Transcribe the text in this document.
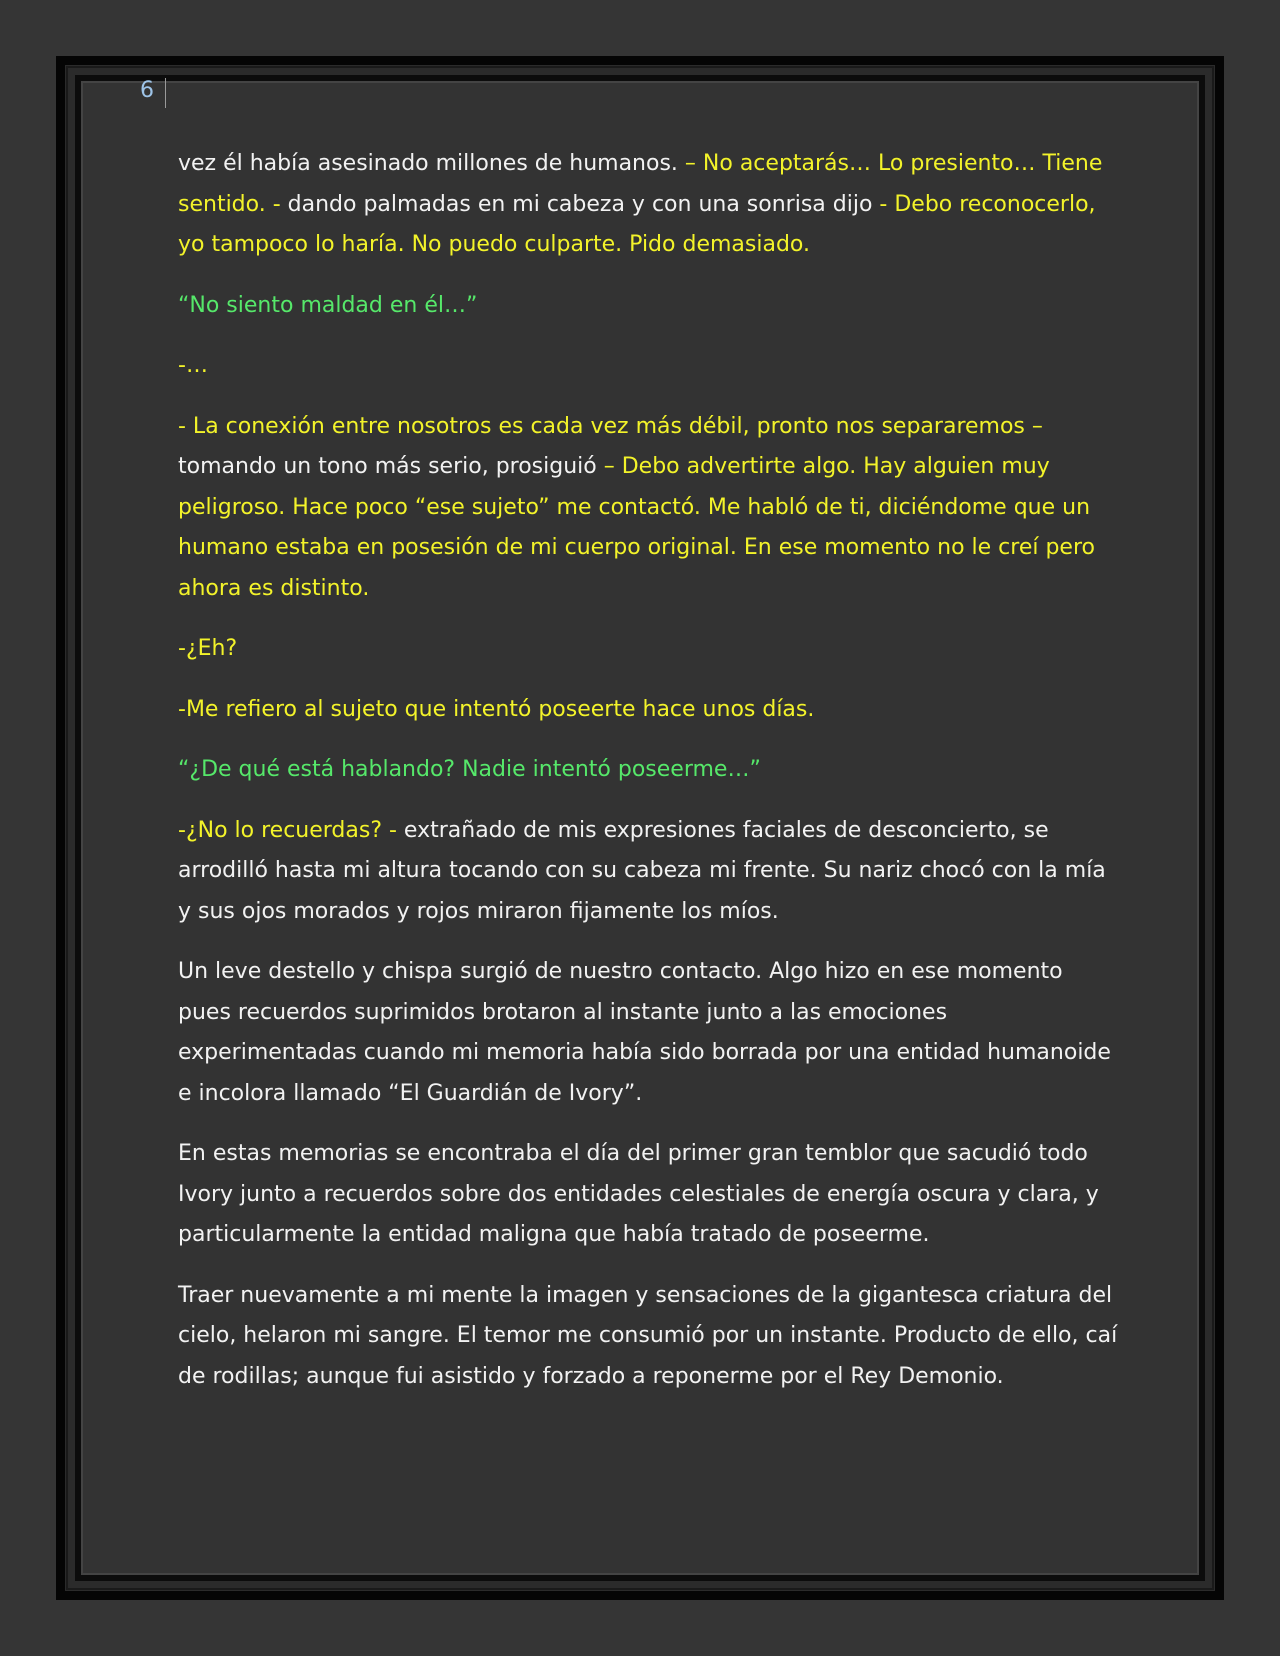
6

vez él había asesinado millones de humanos. – No aceptarás… Lo presiento… Tiene sentido. - dando palmadas en mi cabeza y con una sonrisa dijo - Debo reconocerlo, yo tampoco lo haría. No puedo culparte. Pido demasiado.

“No siento maldad en él…”

-…

- La conexión entre nosotros es cada vez más débil, pronto nos separaremos – tomando un tono más serio, prosiguió – Debo advertirte algo. Hay alguien muy peligroso. Hace poco “ese sujeto” me contactó. Me habló de ti, diciéndome que un humano estaba en posesión de mi cuerpo original. En ese momento no le creí pero ahora es distinto.

-¿Eh?

-Me refiero al sujeto que intentó poseerte hace unos días.

“¿De qué está hablando? Nadie intentó poseerme…”

-¿No lo recuerdas? - extrañado de mis expresiones faciales de desconcierto, se arrodilló hasta mi altura tocando con su cabeza mi frente. Su nariz chocó con la mía y sus ojos morados y rojos miraron fijamente los míos.

Un leve destello y chispa surgió de nuestro contacto. Algo hizo en ese momento pues recuerdos suprimidos brotaron al instante junto a las emociones experimentadas cuando mi memoria había sido borrada por una entidad humanoide e incolora llamado “El Guardián de Ivory”.

En estas memorias se encontraba el día del primer gran temblor que sacudió todo Ivory junto a recuerdos sobre dos entidades celestiales de energía oscura y clara, y particularmente la entidad maligna que había tratado de poseerme.

Traer nuevamente a mi mente la imagen y sensaciones de la gigantesca criatura del cielo, helaron mi sangre. El temor me consumió por un instante. Producto de ello, caí de rodillas; aunque fui asistido y forzado a reponerme por el Rey Demonio.
